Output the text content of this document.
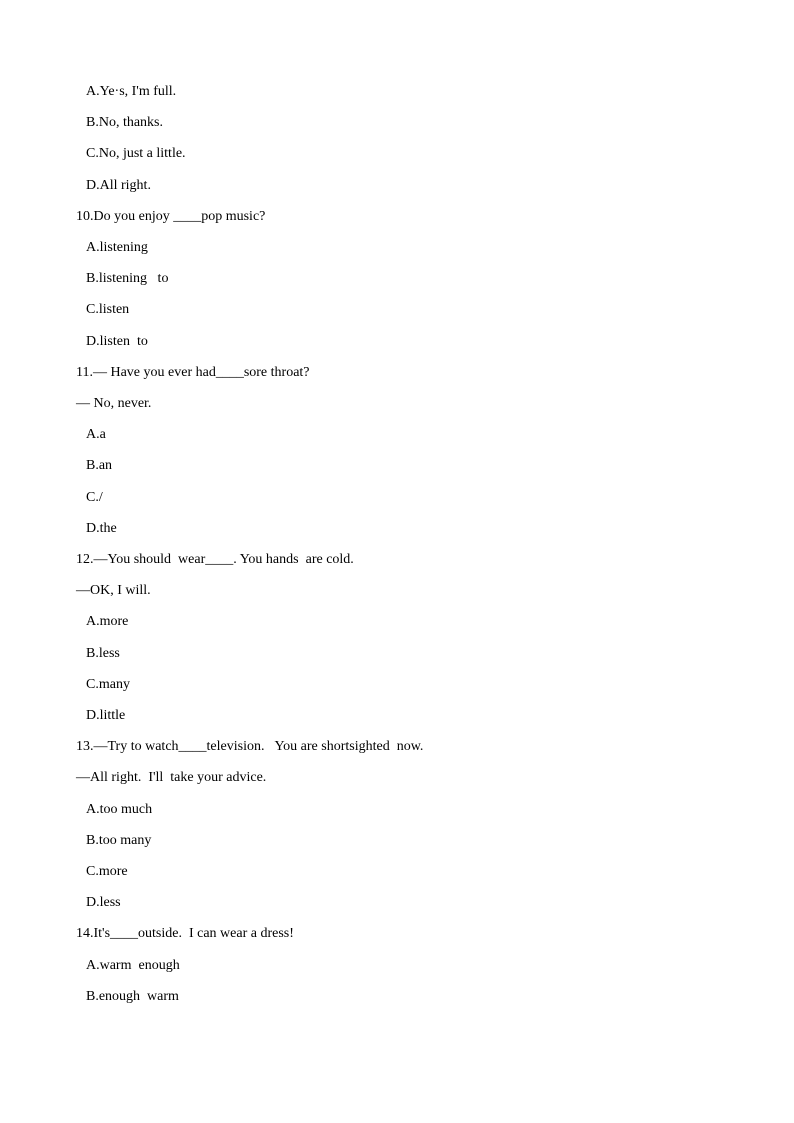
A.Ye·s, I'm full.
B.No, thanks.
C.No, just a little.
D.All right.
10.Do you enjoy ____pop music?
A.listening
B.listening   to
C.listen
D.listen  to
11.— Have you ever had____sore throat?
— No, never.
A.a
B.an
C./
D.the
12.—You should  wear____. You hands  are cold.
—OK, I will.
A.more
B.less
C.many
D.little
13.—Try to watch____television.   You are shortsighted  now.
—All right.  I'll  take your advice.
A.too much
B.too many
C.more
D.less
14.It's____outside.  I can wear a dress!
A.warm  enough
B.enough  warm
